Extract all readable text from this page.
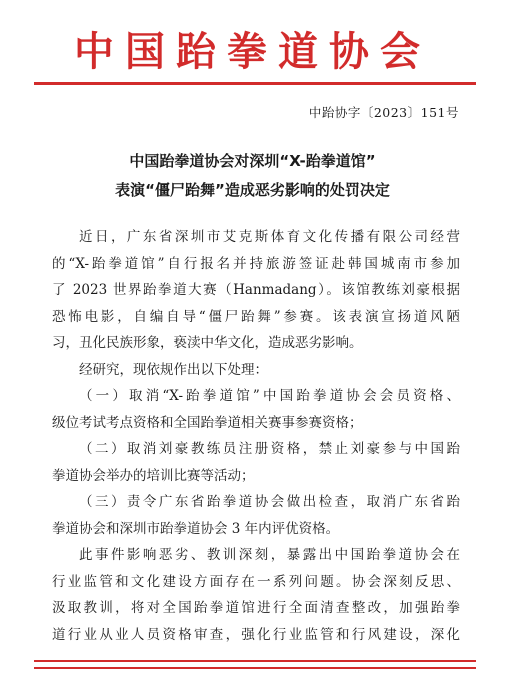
中国跆拳道协会
中跆协字〔2023〕151号
中国跆拳道协会对深圳“X-跆拳道馆”
表演“僵尸跆舞”造成恶劣影响的处罚决定
近日，广东省深圳市艾克斯体育文化传播有限公司经营
的“X-跆拳道馆”自行报名并持旅游签证赴韩国城南市参加
了 2023 世界跆拳道大赛（Hanmadang）。该馆教练刘豪根据
恐怖电影，自编自导“僵尸跆舞”参赛。该表演宣扬道风陋
习，丑化民族形象，亵渎中华文化，造成恶劣影响。
经研究，现依规作出以下处理：
（一）取消“X-跆拳道馆”中国跆拳道协会会员资格、
级位考试考点资格和全国跆拳道相关赛事参赛资格；
（二）取消刘豪教练员注册资格，禁止刘豪参与中国跆
拳道协会举办的培训比赛等活动；
（三）责令广东省跆拳道协会做出检查，取消广东省跆
拳道协会和深圳市跆拳道协会 3 年内评优资格。
此事件影响恶劣、教训深刻，暴露出中国跆拳道协会在
行业监管和文化建设方面存在一系列问题。协会深刻反思、
汲取教训，将对全国跆拳道馆进行全面清查整改，加强跆拳
道行业从业人员资格审查，强化行业监管和行风建设，深化
